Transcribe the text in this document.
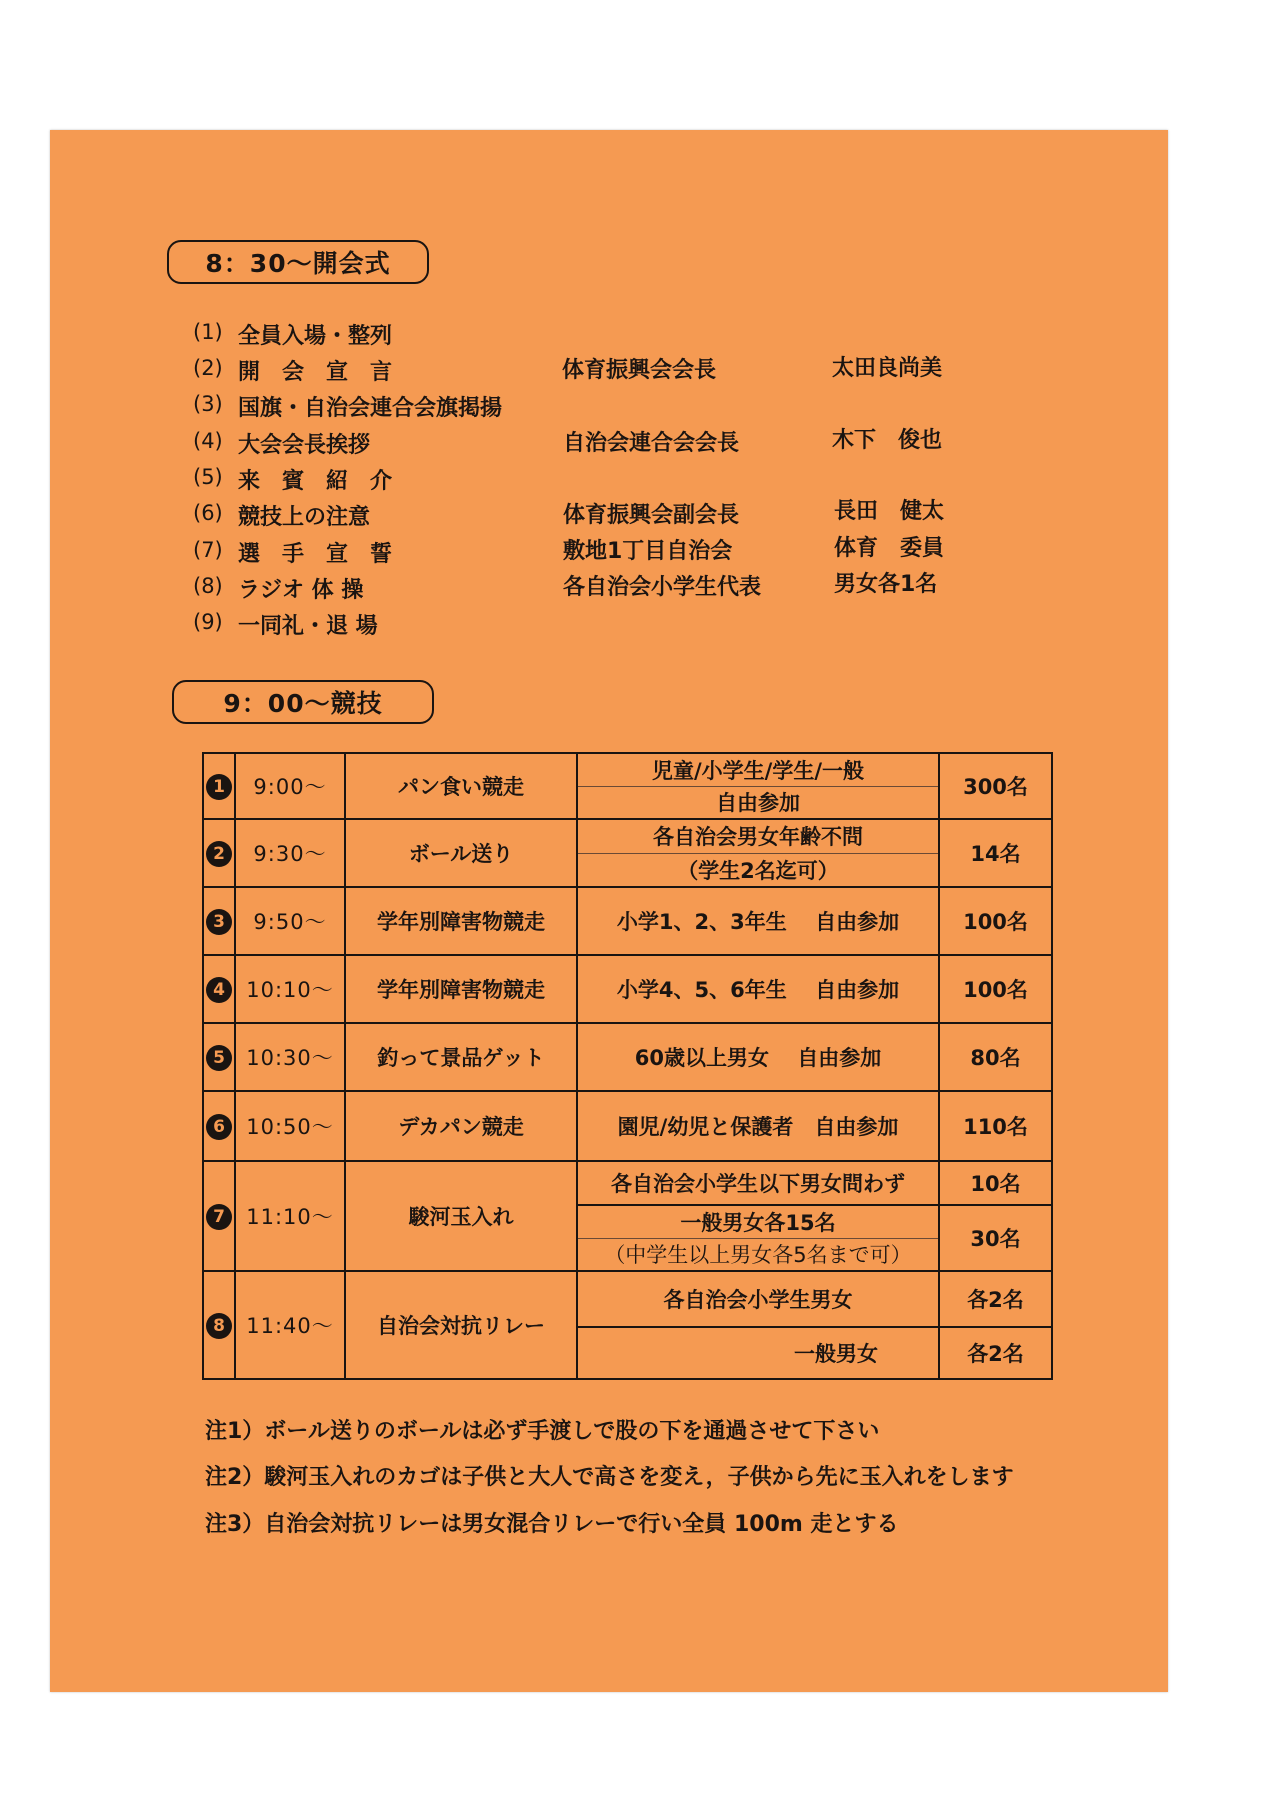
8：30～開会式
(1) 全員入場・整列
(2) 開　会　宣　言	体育振興会会長	太田良尚美
(3) 国旗・自治会連合会旗掲揚
(4) 大会会長挨拶	自治会連合会会長	木下　俊也
(5) 来　賓　紹　介
(6) 競技上の注意	体育振興会副会長	長田　健太
(7) 選　手　宣　誓	敷地1丁目自治会	体育　委員
(8) ラジオ 体 操	各自治会小学生代表	男女各1名
(9) 一同礼・退 場
9：00～競技
1	9:00～	パン食い競走	児童/小学生/学生/一般	300名
			自由参加	
2	9:30～	ボール送り	各自治会男女年齢不問	14名
			（学生2名迄可）	
3	9:50～	学年別障害物競走	小学1、2、3年生　 自由参加	100名
4	10:10～	学年別障害物競走	小学4、5、6年生　 自由参加	100名
5	10:30～	釣って景品ゲット	60歳以上男女　 自由参加	80名
6	10:50～	デカパン競走	園児/幼児と保護者　自由参加	110名
7	11:10～	駿河玉入れ	各自治会小学生以下男女問わず	10名
			一般男女各15名	30名
			（中学生以上男女各5名まで可）	
8	11:40～	自治会対抗リレー	各自治会小学生男女	各2名
			一般男女	各2名
注1）ボール送りのボールは必ず手渡しで股の下を通過させて下さい
注2）駿河玉入れのカゴは子供と大人で高さを変え，子供から先に玉入れをします
注3）自治会対抗リレーは男女混合リレーで行い全員 100m 走とする
